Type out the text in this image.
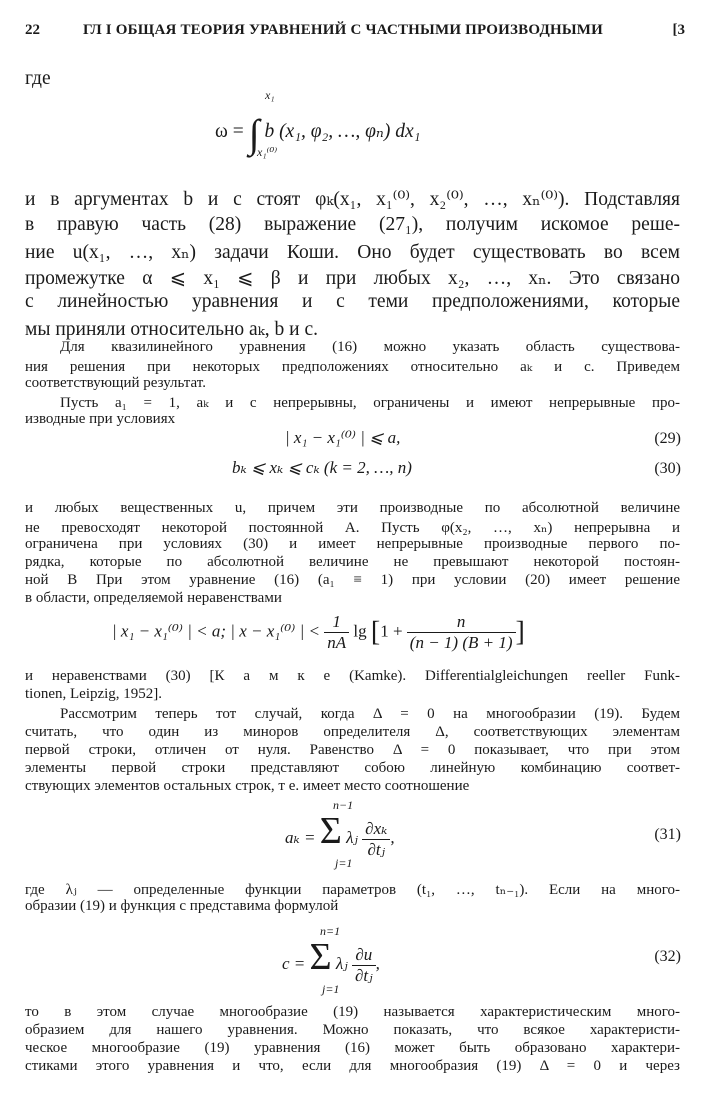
22	ГЛ I ОБЩАЯ ТЕОРИЯ УРАВНЕНИЙ С ЧАСТНЫМИ ПРОИЗВОДНЫМИ	[3
где
ω = ∫ b (x₁, φ₂, …, φₙ) dx₁
x₁
x₁⁽⁰⁾
и в аргументах b и c стоят φₖ(x₁, x₁⁽⁰⁾, x₂⁽⁰⁾, …, xₙ⁽⁰⁾). Подставляя
в правую часть (28) выражение (27₁), получим искомое реше-
ние u(x₁, …, xₙ) задачи Коши. Оно будет существовать во всем
промежутке α ⩽ x₁ ⩽ β и при любых x₂, …, xₙ. Это связано
с линейностью уравнения и с теми предположениями, которые
мы приняли относительно aₖ, b и c.
Для квазилинейного уравнения (16) можно указать область существова-
ния решения при некоторых предположениях относительно aₖ и c. Приведем
соответствующий результат.
Пусть a₁ = 1, aₖ и c непрерывны, ограничены и имеют непрерывные про-
изводные при условиях
| x₁ − x₁⁽⁰⁾ | ⩽ a,	(29)
bₖ ⩽ xₖ ⩽ cₖ (k = 2, …, n)	(30)
и любых вещественных u, причем эти производные по абсолютной величине
не превосходят некоторой постоянной A. Пусть φ(x₂, …, xₙ) непрерывна и
ограничена при условиях (30) и имеет непрерывные производные первого по-
рядка, которые по абсолютной величине не превышают некоторой постоян-
ной B При этом уравнение (16) (a₁ ≡ 1) при условии (20) имеет решение
в области, определяемой неравенствами
| x₁ − x₁⁽⁰⁾ | < a; | x − x₁⁽⁰⁾ | < $\frac{1}{nA}$ $\lg [1 + \frac{n}{(n - 1) (B + 1)}$ ]
и неравенствами (30) [К а м к е (Kamke). Differentialgleichungen reeller Funk-
tionen, Leipzig, 1952].
Рассмотрим теперь тот случай, когда Δ = 0 на многообразии (19). Будем
считать, что один из миноров определителя Δ, соответствующих элементам
первой строки, отличен от нуля. Равенство Δ = 0 показывает, что при этом
элементы первой строки представляют собою линейную комбинацию соответ-
ствующих элементов остальных строк, т е. имеет место соотношение
aₖ = Σ λⱼ $\frac{\text{∂xₖ}}{\text{∂tⱼ}}$ ,
n−1
j=1
(31)
где λⱼ — определенные функции параметров (t₁, …, tₙ₋₁). Если на много-
образии (19) и функция c представима формулой
c = Σ λⱼ $\frac{\partial u}{\text{∂tⱼ}}$ ,
n=1
j=1
(32)
то в этом случае многообразие (19) называется характеристическим много-
образием для нашего уравнения. Можно показать, что всякое характеристи-
ческое многообразие (19) уравнения (16) может быть образовано характери-
стиками этого уравнения и что, если для многообразия (19) Δ = 0 и через
